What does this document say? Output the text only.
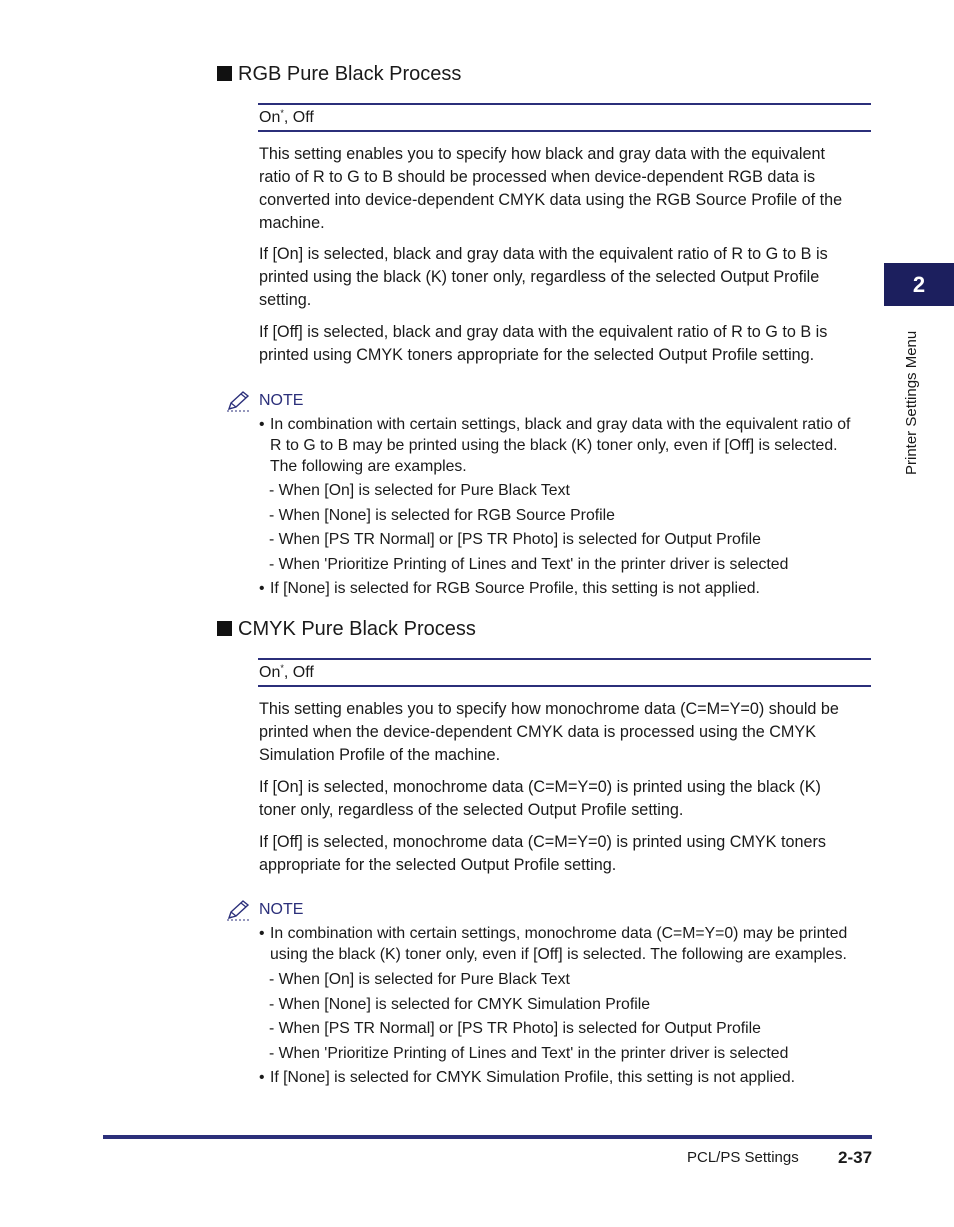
2
Printer Settings Menu
RGB Pure Black Process
On*, Off
This setting enables you to specify how black and gray data with the equivalent
ratio of R to G to B should be processed when device-dependent RGB data is
converted into device-dependent CMYK data using the RGB Source Profile of the
machine.
If [On] is selected, black and gray data with the equivalent ratio of R to G to B is
printed using the black (K) toner only, regardless of the selected Output Profile
setting.
If [Off] is selected, black and gray data with the equivalent ratio of R to G to B is
printed using CMYK toners appropriate for the selected Output Profile setting.
NOTE
• In combination with certain settings, black and gray data with the equivalent ratio of
R to G to B may be printed using the black (K) toner only, even if [Off] is selected.
The following are examples.
- When [On] is selected for Pure Black Text
- When [None] is selected for RGB Source Profile
- When [PS TR Normal] or [PS TR Photo] is selected for Output Profile
- When 'Prioritize Printing of Lines and Text' in the printer driver is selected
• If [None] is selected for RGB Source Profile, this setting is not applied.
CMYK Pure Black Process
On*, Off
This setting enables you to specify how monochrome data (C=M=Y=0) should be
printed when the device-dependent CMYK data is processed using the CMYK
Simulation Profile of the machine.
If [On] is selected, monochrome data (C=M=Y=0) is printed using the black (K)
toner only, regardless of the selected Output Profile setting.
If [Off] is selected, monochrome data (C=M=Y=0) is printed using CMYK toners
appropriate for the selected Output Profile setting.
NOTE
• In combination with certain settings, monochrome data (C=M=Y=0) may be printed
using the black (K) toner only, even if [Off] is selected. The following are examples.
- When [On] is selected for Pure Black Text
- When [None] is selected for CMYK Simulation Profile
- When [PS TR Normal] or [PS TR Photo] is selected for Output Profile
- When 'Prioritize Printing of Lines and Text' in the printer driver is selected
• If [None] is selected for CMYK Simulation Profile, this setting is not applied.
PCL/PS Settings 2-37
